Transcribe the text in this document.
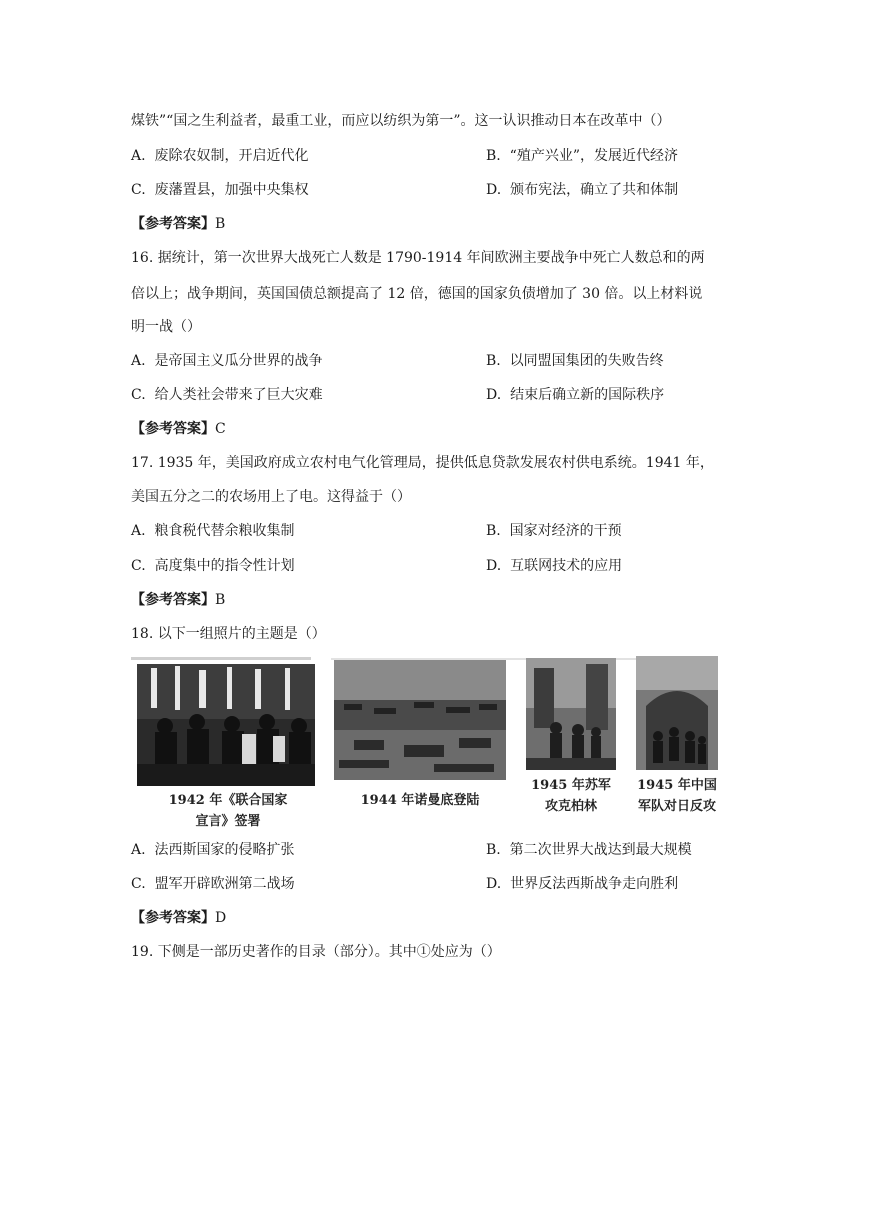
煤铁”“国之生利益者，最重工业，而应以纺织为第一”。这一认识推动日本在改革中（）
A. 废除农奴制，开启近代化	B. “殖产兴业”，发展近代经济
C. 废藩置县，加强中央集权	D. 颁布宪法，确立了共和体制
【参考答案】B
16. 据统计，第一次世界大战死亡人数是 1790-1914 年间欧洲主要战争中死亡人数总和的两
倍以上；战争期间，英国国债总额提高了 12 倍，德国的国家负债增加了 30 倍。以上材料说
明一战（）
A. 是帝国主义瓜分世界的战争	B. 以同盟国集团的失败告终
C. 给人类社会带来了巨大灾难	D. 结束后确立新的国际秩序
【参考答案】C
17. 1935 年，美国政府成立农村电气化管理局，提供低息贷款发展农村供电系统。1941 年，
美国五分之二的农场用上了电。这得益于（）
A. 粮食税代替余粮收集制	B. 国家对经济的干预
C. 高度集中的指令性计划	D. 互联网技术的应用
【参考答案】B
18. 以下一组照片的主题是（）
1942 年《联合国家
宣言》签署
1944 年诺曼底登陆
1945 年苏军
攻克柏林
1945 年中国
军队对日反攻
A. 法西斯国家的侵略扩张	B. 第二次世界大战达到最大规模
C. 盟军开辟欧洲第二战场	D. 世界反法西斯战争走向胜利
【参考答案】D
19. 下侧是一部历史著作的目录（部分）。其中①处应为（）
